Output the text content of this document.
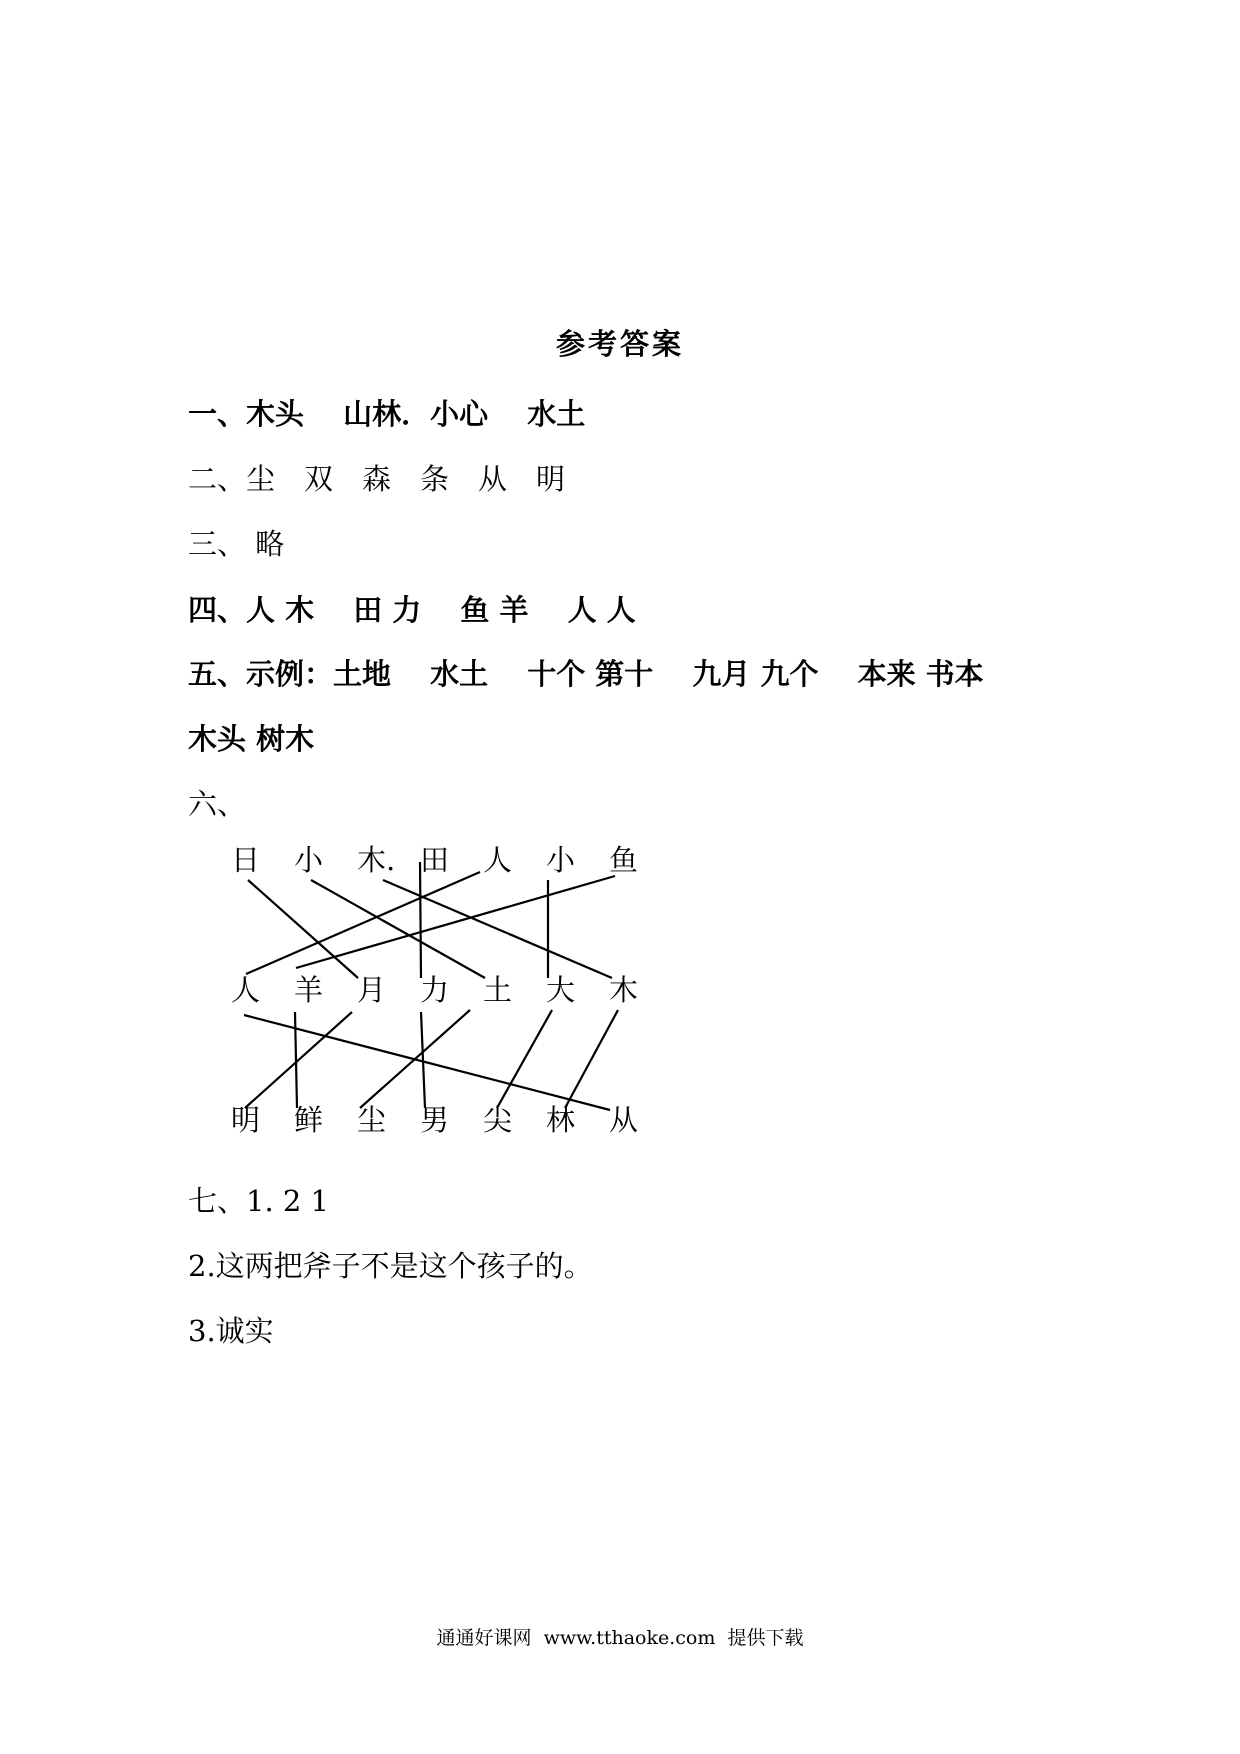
参考答案
一、木头　 山林．小心　 水土
二、尘　双　森　条　从　明
三、 略
四、人 木　 田 力　 鱼 羊　 人 人
五、示例：土地　 水土　 十个 第十　 九月 九个　 本来 书本
木头 树木
六、
日 小 木. 田 人 小 鱼
人 羊 月 力 土 大 木
明 鲜 尘 男 尖 林 从
七、1. 2 1
2.这两把斧子不是这个孩子的。
3.诚实
通通好课网  www.tthaoke.com  提供下载
